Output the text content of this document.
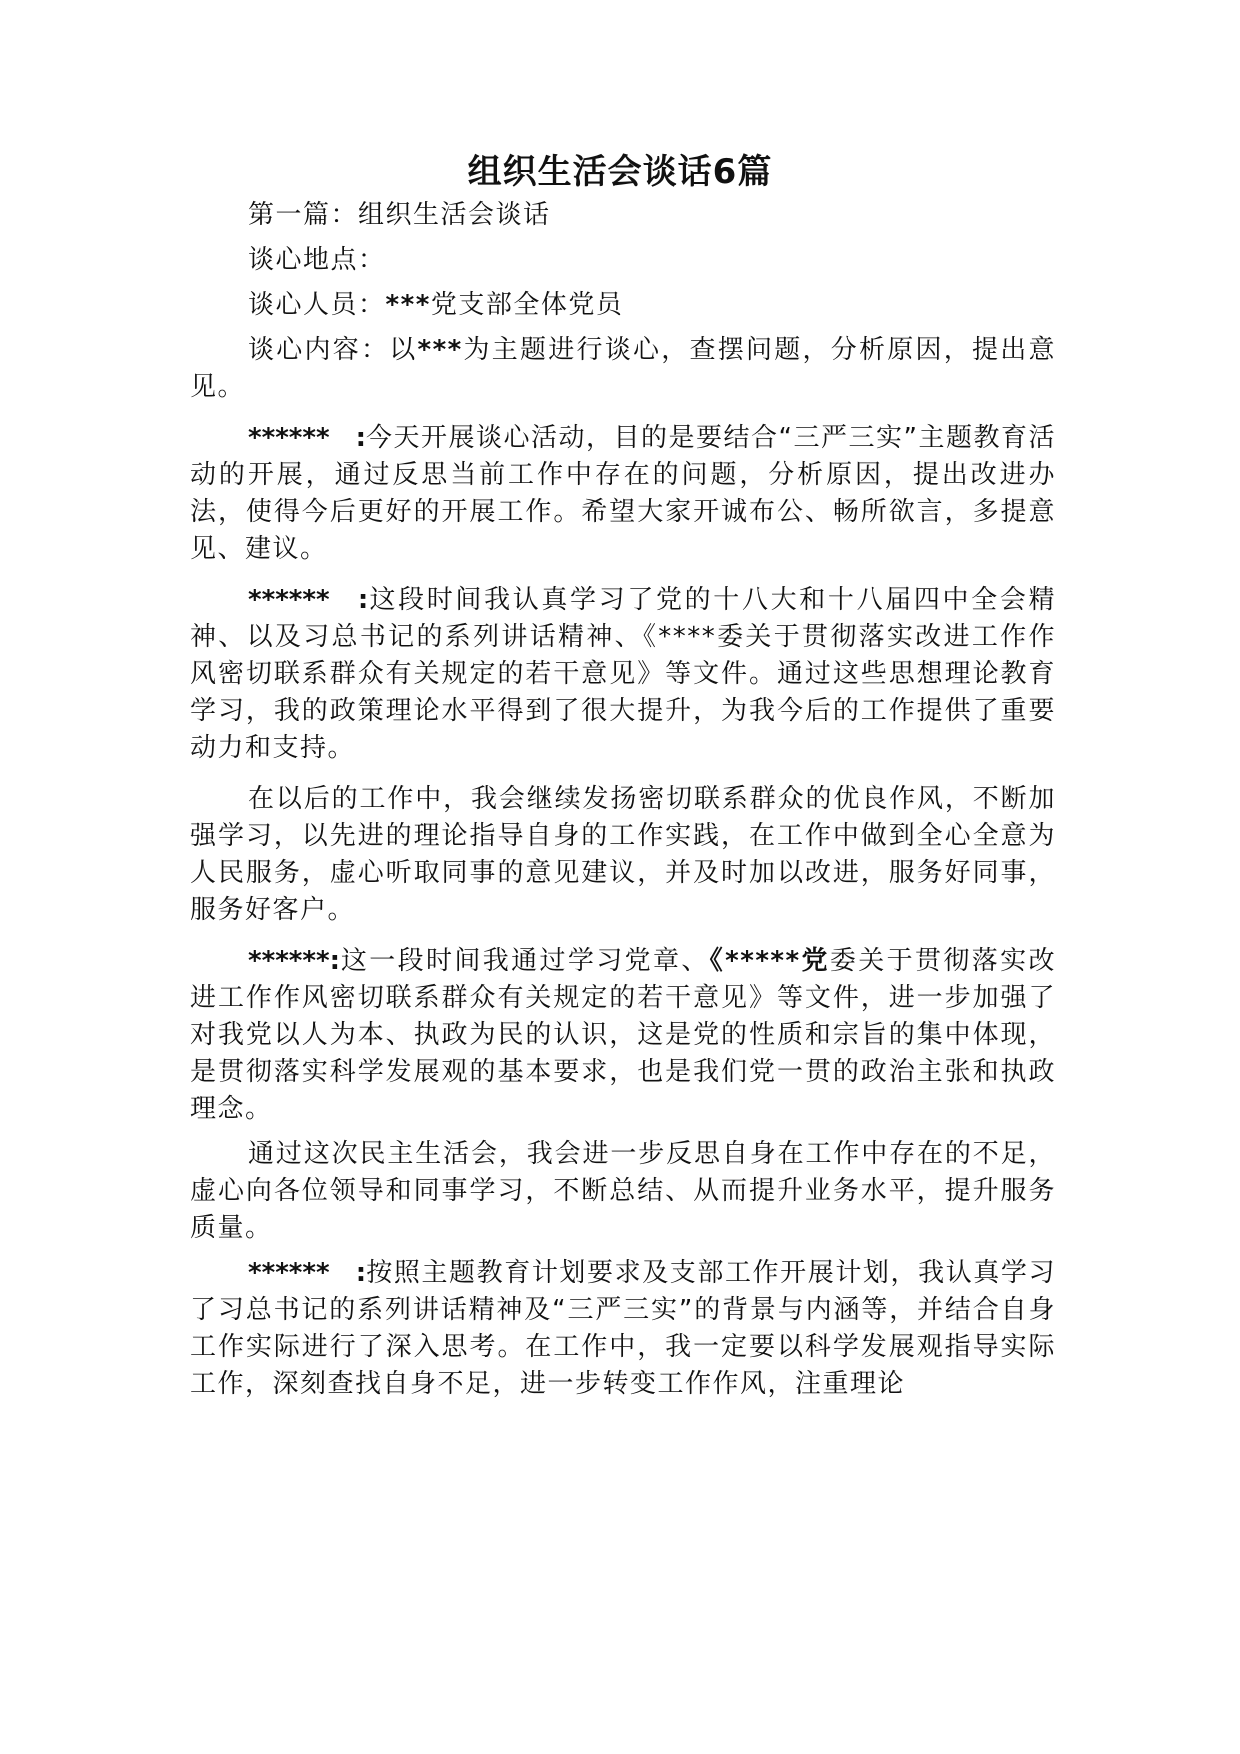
组织生活会谈话6篇

第一篇：组织生活会谈话

谈心地点：

谈心人员：***党支部全体党员

谈心内容：以***为主题进行谈心，查摆问题，分析原因，提出意见。

******　:今天开展谈心活动，目的是要结合“三严三实”主题教育活动的开展，通过反思当前工作中存在的问题，分析原因，提出改进办法，使得今后更好的开展工作。希望大家开诚布公、畅所欲言，多提意见、建议。

******　:这段时间我认真学习了党的十八大和十八届四中全会精神、以及习总书记的系列讲话精神、《****委关于贯彻落实改进工作作风密切联系群众有关规定的若干意见》等文件。通过这些思想理论教育学习，我的政策理论水平得到了很大提升，为我今后的工作提供了重要动力和支持。

在以后的工作中，我会继续发扬密切联系群众的优良作风，不断加强学习，以先进的理论指导自身的工作实践，在工作中做到全心全意为人民服务，虚心听取同事的意见建议，并及时加以改进，服务好同事，服务好客户。

******:这一段时间我通过学习党章、《*****党委关于贯彻落实改进工作作风密切联系群众有关规定的若干意见》等文件，进一步加强了对我党以人为本、执政为民的认识，这是党的性质和宗旨的集中体现，是贯彻落实科学发展观的基本要求，也是我们党一贯的政治主张和执政理念。

通过这次民主生活会，我会进一步反思自身在工作中存在的不足，虚心向各位领导和同事学习，不断总结、从而提升业务水平，提升服务质量。

******　:按照主题教育计划要求及支部工作开展计划，我认真学习了习总书记的系列讲话精神及“三严三实”的背景与内涵等，并结合自身工作实际进行了深入思考。在工作中，我一定要以科学发展观指导实际工作，深刻查找自身不足，进一步转变工作作风，注重理论
